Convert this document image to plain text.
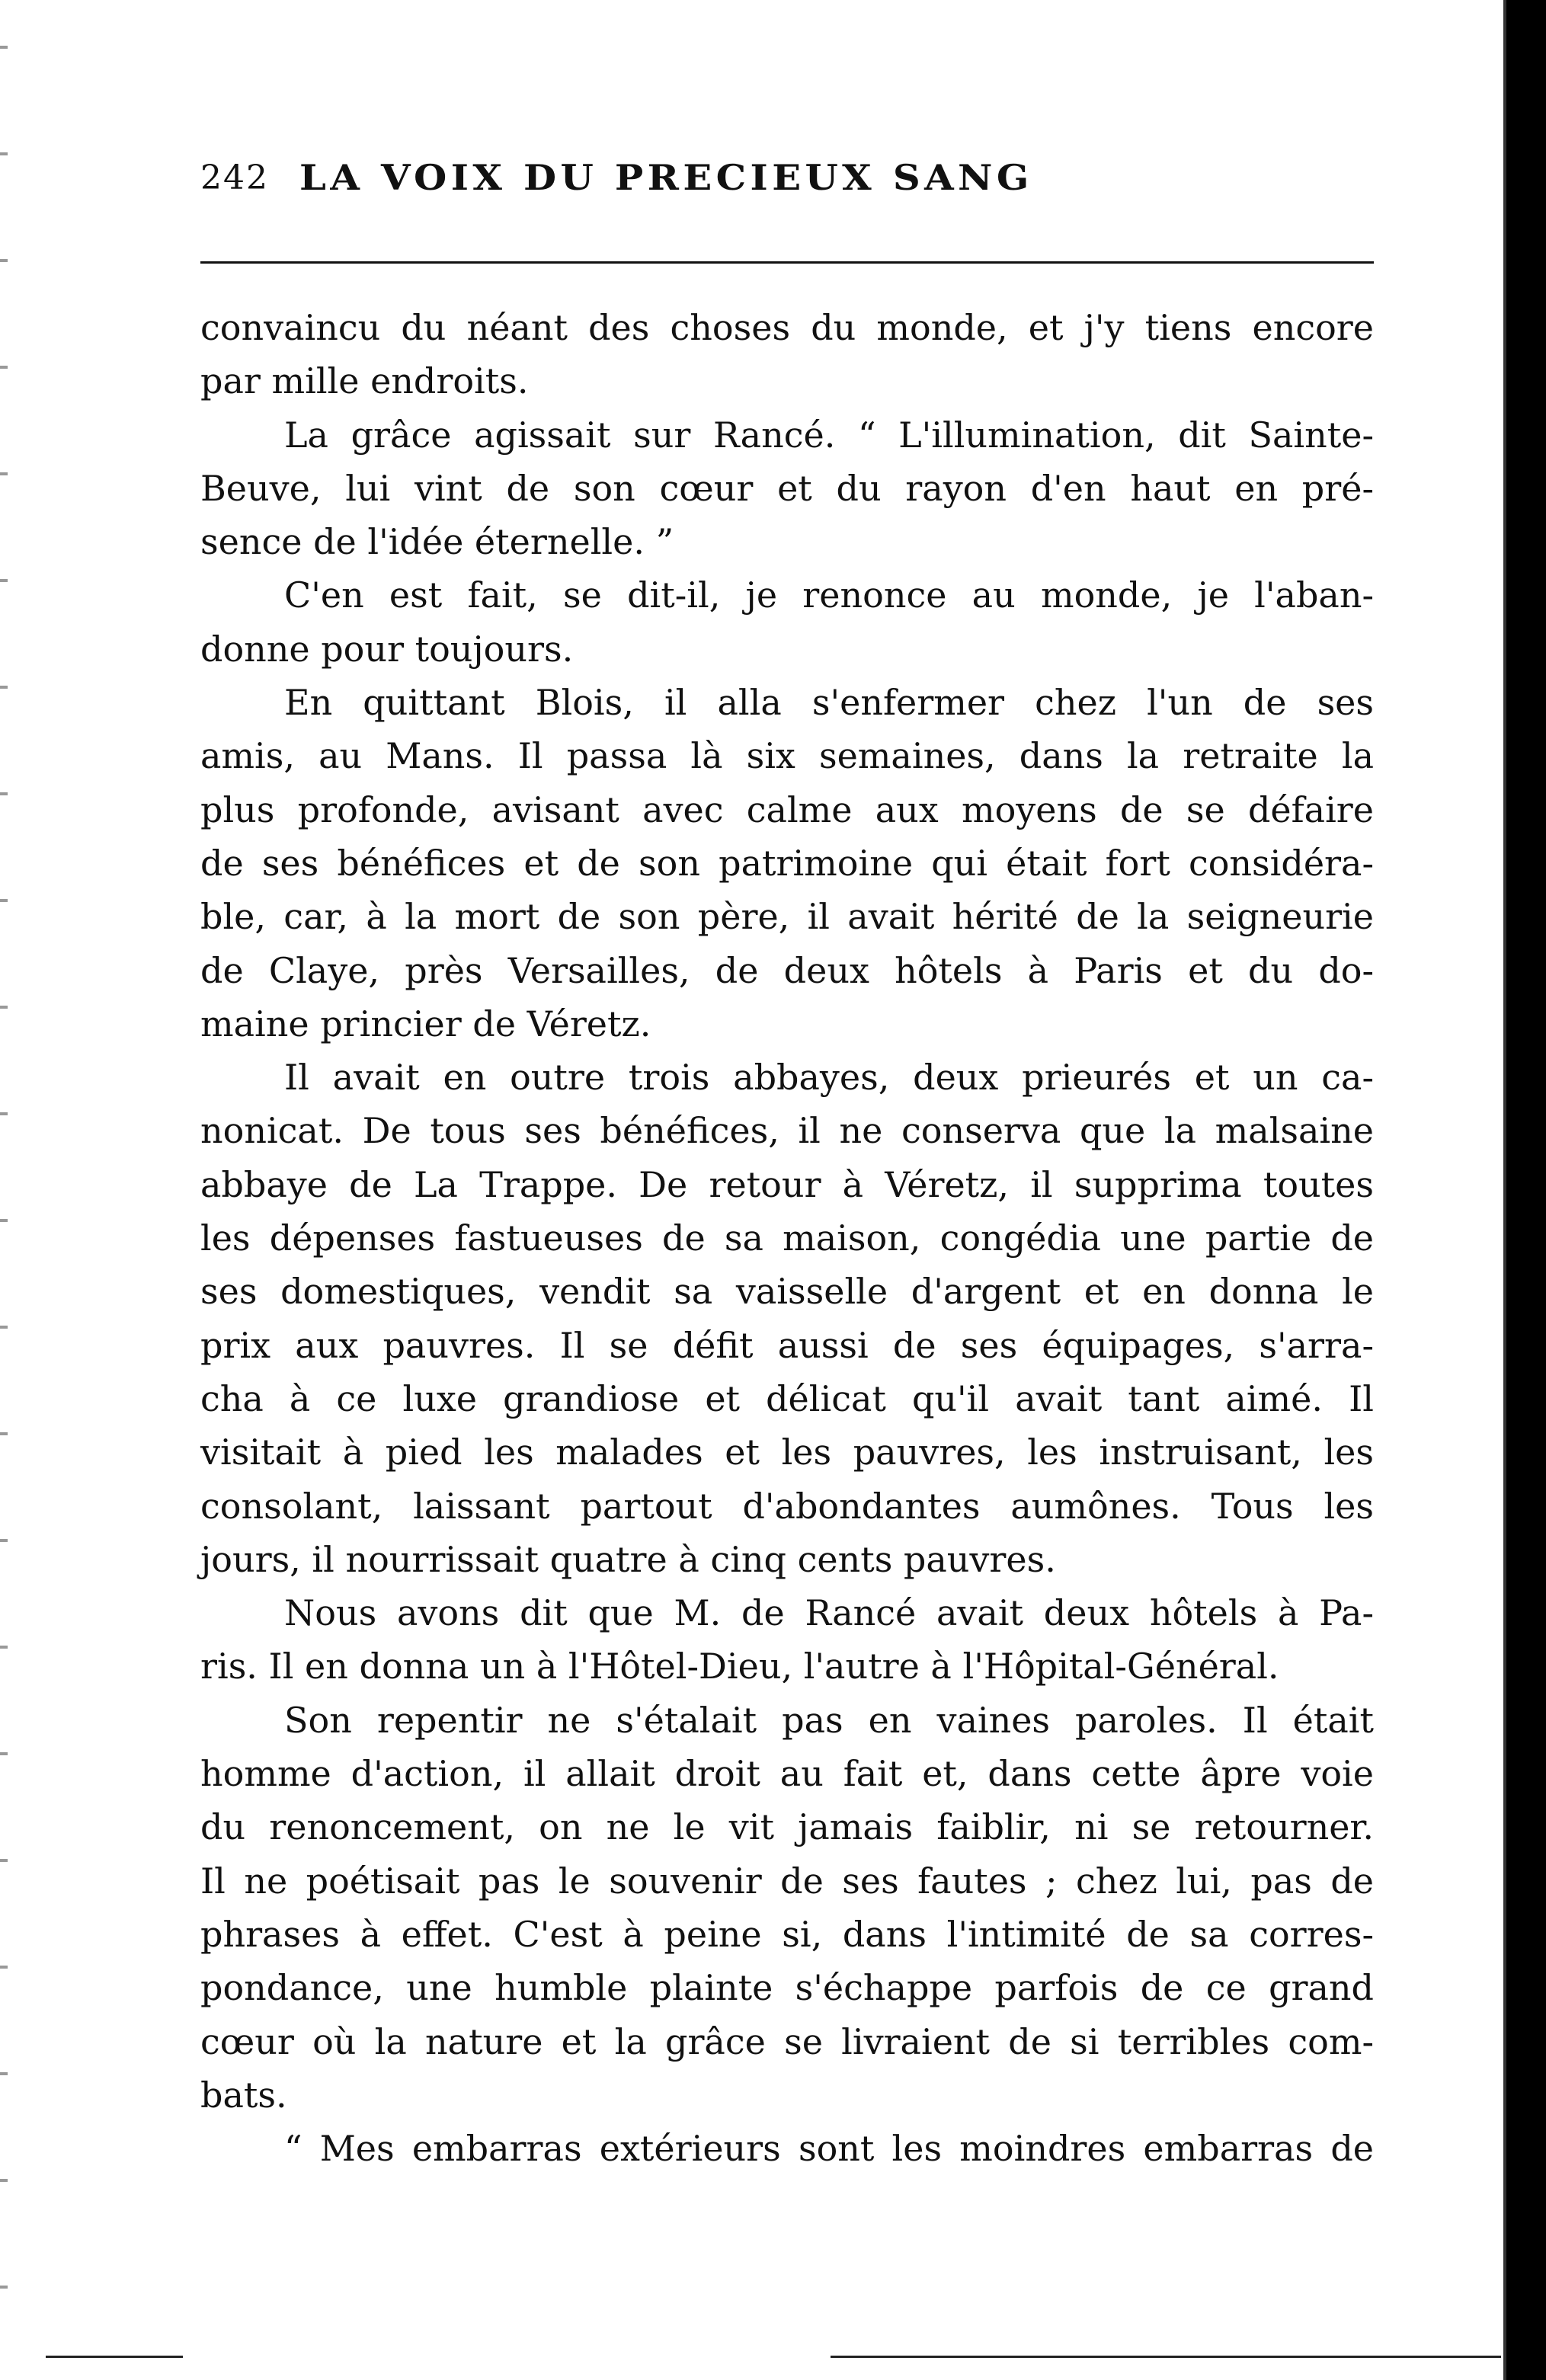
242 LA VOIX DU PRECIEUX SANG
convaincu du néant des choses du monde, et j'y tiens encore
par mille endroits.
La grâce agissait sur Rancé. “ L'illumination, dit Sainte-
Beuve, lui vint de son cœur et du rayon d'en haut en pré-
sence de l'idée éternelle. ”
C'en est fait, se dit-il, je renonce au monde, je l'aban-
donne pour toujours.
En quittant Blois, il alla s'enfermer chez l'un de ses
amis, au Mans. Il passa là six semaines, dans la retraite la
plus profonde, avisant avec calme aux moyens de se défaire
de ses bénéfices et de son patrimoine qui était fort considéra-
ble, car, à la mort de son père, il avait hérité de la seigneurie
de Claye, près Versailles, de deux hôtels à Paris et du do-
maine princier de Véretz.
Il avait en outre trois abbayes, deux prieurés et un ca-
nonicat. De tous ses bénéfices, il ne conserva que la malsaine
abbaye de La Trappe. De retour à Véretz, il supprima toutes
les dépenses fastueuses de sa maison, congédia une partie de
ses domestiques, vendit sa vaisselle d'argent et en donna le
prix aux pauvres. Il se défit aussi de ses équipages, s'arra-
cha à ce luxe grandiose et délicat qu'il avait tant aimé. Il
visitait à pied les malades et les pauvres, les instruisant, les
consolant, laissant partout d'abondantes aumônes. Tous les
jours, il nourrissait quatre à cinq cents pauvres.
Nous avons dit que M. de Rancé avait deux hôtels à Pa-
ris. Il en donna un à l'Hôtel-Dieu, l'autre à l'Hôpital-Général.
Son repentir ne s'étalait pas en vaines paroles. Il était
homme d'action, il allait droit au fait et, dans cette âpre voie
du renoncement, on ne le vit jamais faiblir, ni se retourner.
Il ne poétisait pas le souvenir de ses fautes ; chez lui, pas de
phrases à effet. C'est à peine si, dans l'intimité de sa corres-
pondance, une humble plainte s'échappe parfois de ce grand
cœur où la nature et la grâce se livraient de si terribles com-
bats.
“ Mes embarras extérieurs sont les moindres embarras de
